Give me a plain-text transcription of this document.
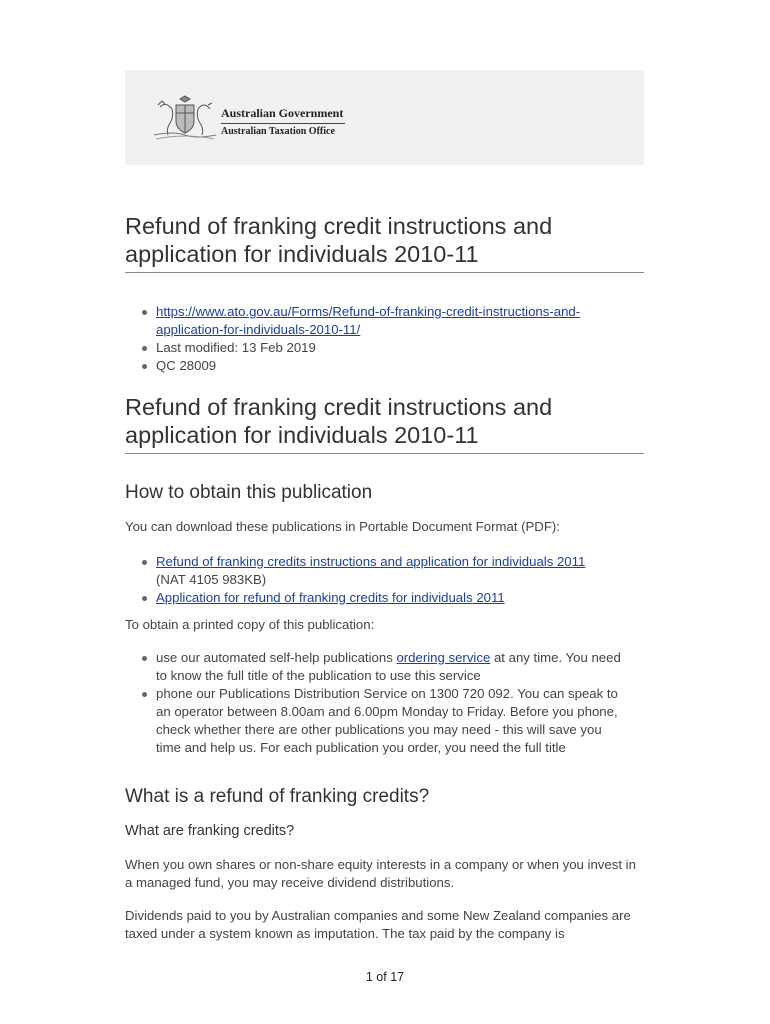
Australian Government
Australian Taxation Office
Refund of franking credit instructions and application for individuals 2010-11
https://www.ato.gov.au/Forms/Refund-of-franking-credit-instructions-and-application-for-individuals-2010-11/
Last modified: 13 Feb 2019
QC 28009
Refund of franking credit instructions and application for individuals 2010-11
How to obtain this publication

You can download these publications in Portable Document Format (PDF):

Refund of franking credits instructions and application for individuals 2011
(NAT 4105 983KB)
Application for refund of franking credits for individuals 2011

To obtain a printed copy of this publication:

use our automated self-help publications ordering service at any time. You need to know the full title of the publication to use this service
phone our Publications Distribution Service on 1300 720 092. You can speak to an operator between 8.00am and 6.00pm Monday to Friday. Before you phone, check whether there are other publications you may need - this will save you time and help us. For each publication you order, you need the full title
What is a refund of franking credits?
What are franking credits?

When you own shares or non-share equity interests in a company or when you invest in a managed fund, you may receive dividend distributions.

Dividends paid to you by Australian companies and some New Zealand companies are taxed under a system known as imputation. The tax paid by the company is

1 of 17
